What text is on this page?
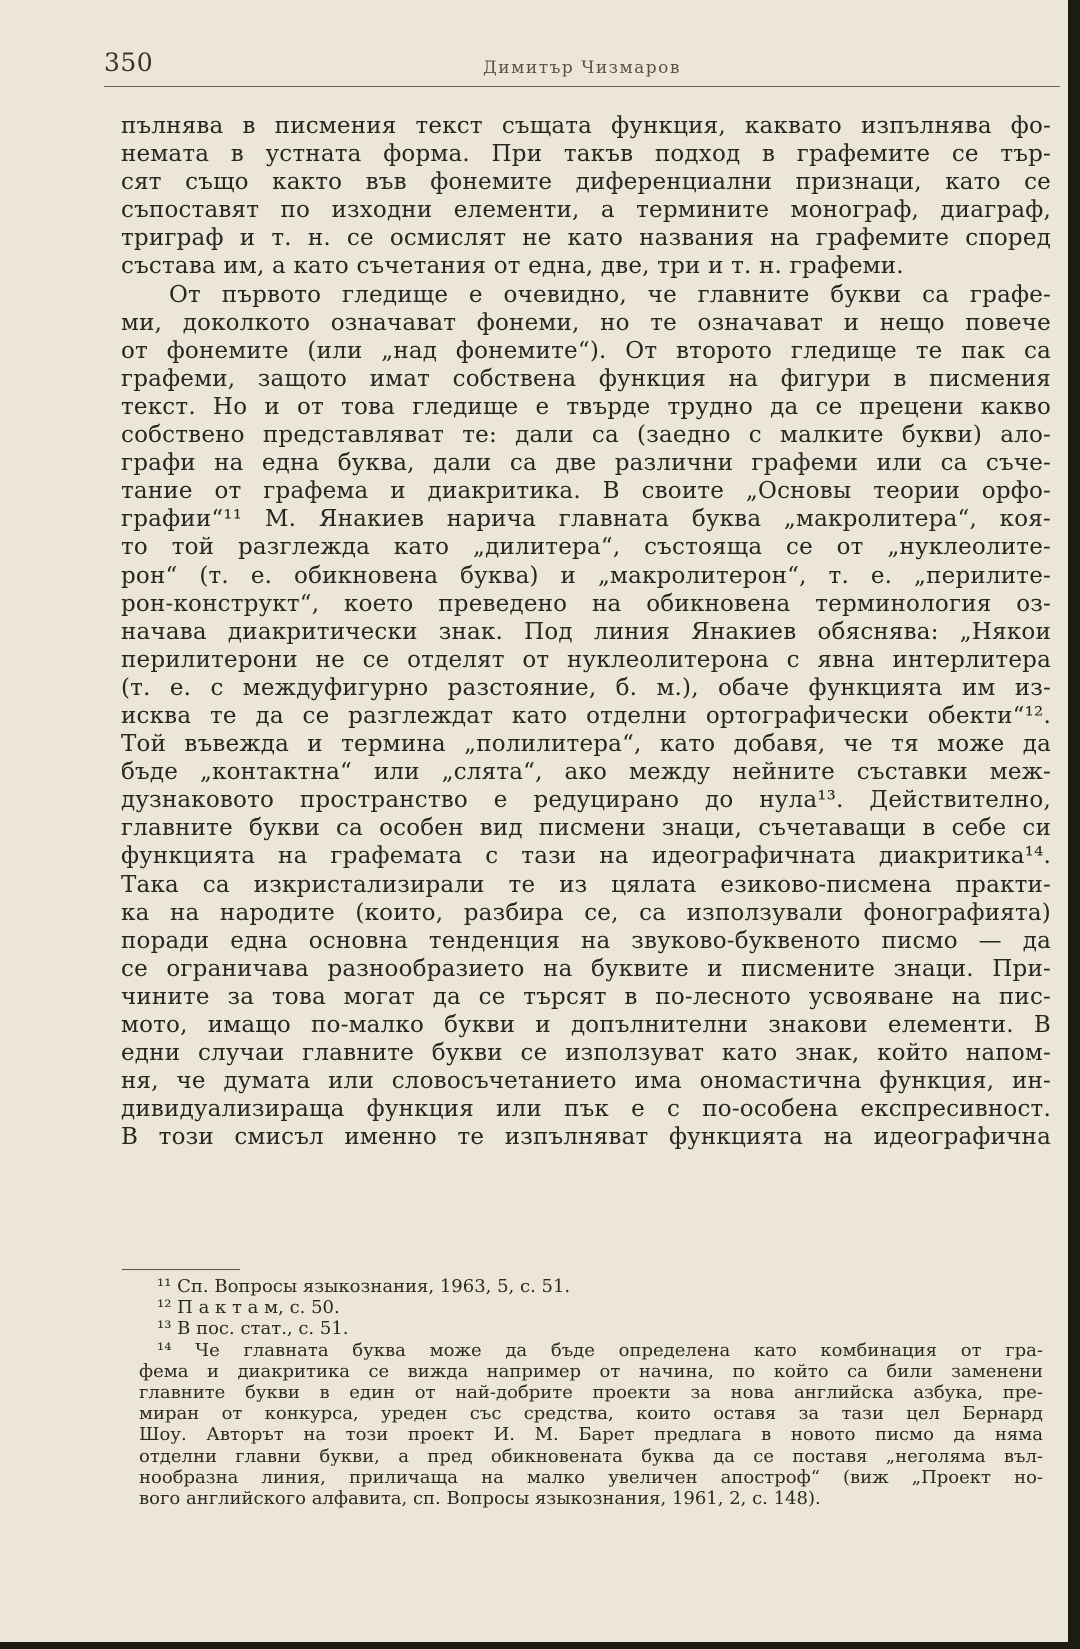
350	Димитър Чизмаров
пълнява в писмения текст същата функция, каквато изпълнява фо-
немата в устната форма. При такъв подход в графемите се тър-
сят също както във фонемите диференциални признаци, като се
съпоставят по изходни елементи, а термините монограф, диаграф,
триграф и т. н. се осмислят не като названия на графемите според
състава им, а като съчетания от една, две, три и т. н. графеми.
От първото гледище е очевидно, че главните букви са графе-
ми, доколкото означават фонеми, но те означават и нещо повече
от фонемите (или „над фонемите“). От второто гледище те пак са
графеми, защото имат собствена функция на фигури в писмения
текст. Но и от това гледище е твърде трудно да се прецени какво
собствено представляват те: дали са (заедно с малките букви) ало-
графи на една буква, дали са две различни графеми или са съче-
тание от графема и диакритика. В своите „Основы теории орфо-
графии“¹¹ М. Янакиев нарича главната буква „макролитера“, коя-
то той разглежда като „дилитера“, състояща се от „нуклеолите-
рон“ (т. е. обикновена буква) и „макролитерон“, т. е. „перилите-
рон-конструкт“, което преведено на обикновена терминология оз-
начава диакритически знак. Под линия Янакиев обяснява: „Някои
перилитерони не се отделят от нуклеолитерона с явна интерлитера
(т. е. с междуфигурно разстояние, б. м.), обаче функцията им из-
исква те да се разглеждат като отделни ортографически обекти“¹².
Той въвежда и термина „полилитера“, като добавя, че тя може да
бъде „контактна“ или „слята“, ако между нейните съставки меж-
дузнаковото пространство е редуцирано до нула¹³. Действително,
главните букви са особен вид писмени знаци, съчетаващи в себе си
функцията на графемата с тази на идеографичната диакритика¹⁴.
Така са изкристализирали те из цялата езиково-писмена практи-
ка на народите (които, разбира се, са използували фонографията)
поради една основна тенденция на звуково-буквеното писмо — да
се ограничава разнообразието на буквите и писмените знаци. При-
чините за това могат да се търсят в по-лесното усвояване на пис-
мото, имащо по-малко букви и допълнителни знакови елементи. В
едни случаи главните букви се използуват като знак, който напом-
ня, че думата или словосъчетанието има ономастична функция, ин-
дивидуализираща функция или пък е с по-особена експресивност.
В този смисъл именно те изпълняват функцията на идеографична
¹¹ Сп. Вопросы языкознания, 1963, 5, с. 51.
¹² П а к т а м, с. 50.
¹³ В пос. стат., с. 51.
¹⁴ Че главната буква може да бъде определена като комбинация от гра-
фема и диакритика се вижда например от начина, по който са били заменени
главните букви в един от най-добрите проекти за нова английска азбука, пре-
миран от конкурса, уреден със средства, които оставя за тази цел Бернард
Шоу. Авторът на този проект И. М. Барет предлага в новото писмо да няма
отделни главни букви, а пред обикновената буква да се поставя „неголяма въл-
нообразна линия, приличаща на малко увеличен апостроф“ (виж „Проект но-
вого английского алфавита, сп. Вопросы языкознания, 1961, 2, с. 148).
